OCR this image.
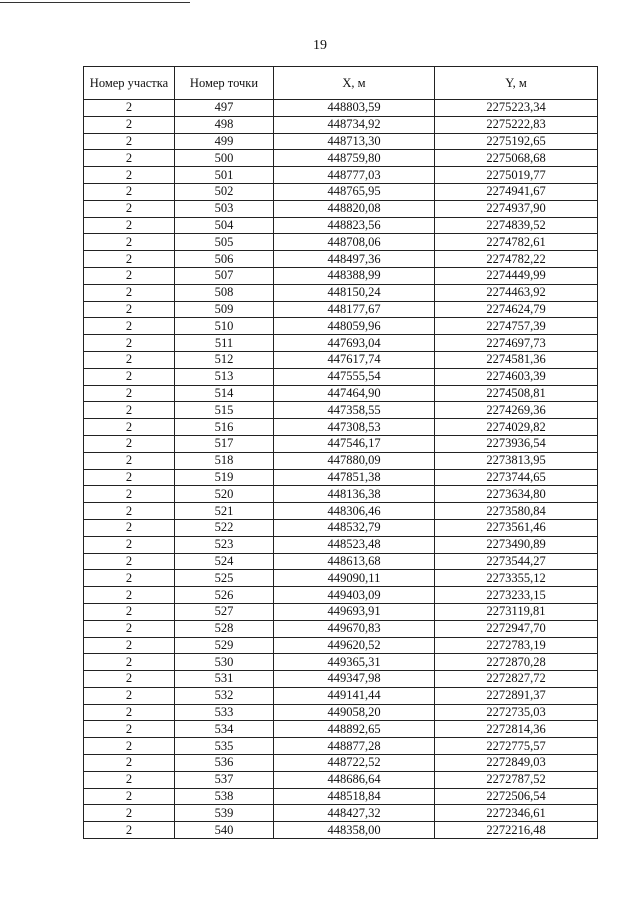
19
Номер участка	Номер точки	X, м	Y, м
2	497	448803,59	2275223,34
2	498	448734,92	2275222,83
2	499	448713,30	2275192,65
2	500	448759,80	2275068,68
2	501	448777,03	2275019,77
2	502	448765,95	2274941,67
2	503	448820,08	2274937,90
2	504	448823,56	2274839,52
2	505	448708,06	2274782,61
2	506	448497,36	2274782,22
2	507	448388,99	2274449,99
2	508	448150,24	2274463,92
2	509	448177,67	2274624,79
2	510	448059,96	2274757,39
2	511	447693,04	2274697,73
2	512	447617,74	2274581,36
2	513	447555,54	2274603,39
2	514	447464,90	2274508,81
2	515	447358,55	2274269,36
2	516	447308,53	2274029,82
2	517	447546,17	2273936,54
2	518	447880,09	2273813,95
2	519	447851,38	2273744,65
2	520	448136,38	2273634,80
2	521	448306,46	2273580,84
2	522	448532,79	2273561,46
2	523	448523,48	2273490,89
2	524	448613,68	2273544,27
2	525	449090,11	2273355,12
2	526	449403,09	2273233,15
2	527	449693,91	2273119,81
2	528	449670,83	2272947,70
2	529	449620,52	2272783,19
2	530	449365,31	2272870,28
2	531	449347,98	2272827,72
2	532	449141,44	2272891,37
2	533	449058,20	2272735,03
2	534	448892,65	2272814,36
2	535	448877,28	2272775,57
2	536	448722,52	2272849,03
2	537	448686,64	2272787,52
2	538	448518,84	2272506,54
2	539	448427,32	2272346,61
2	540	448358,00	2272216,48
